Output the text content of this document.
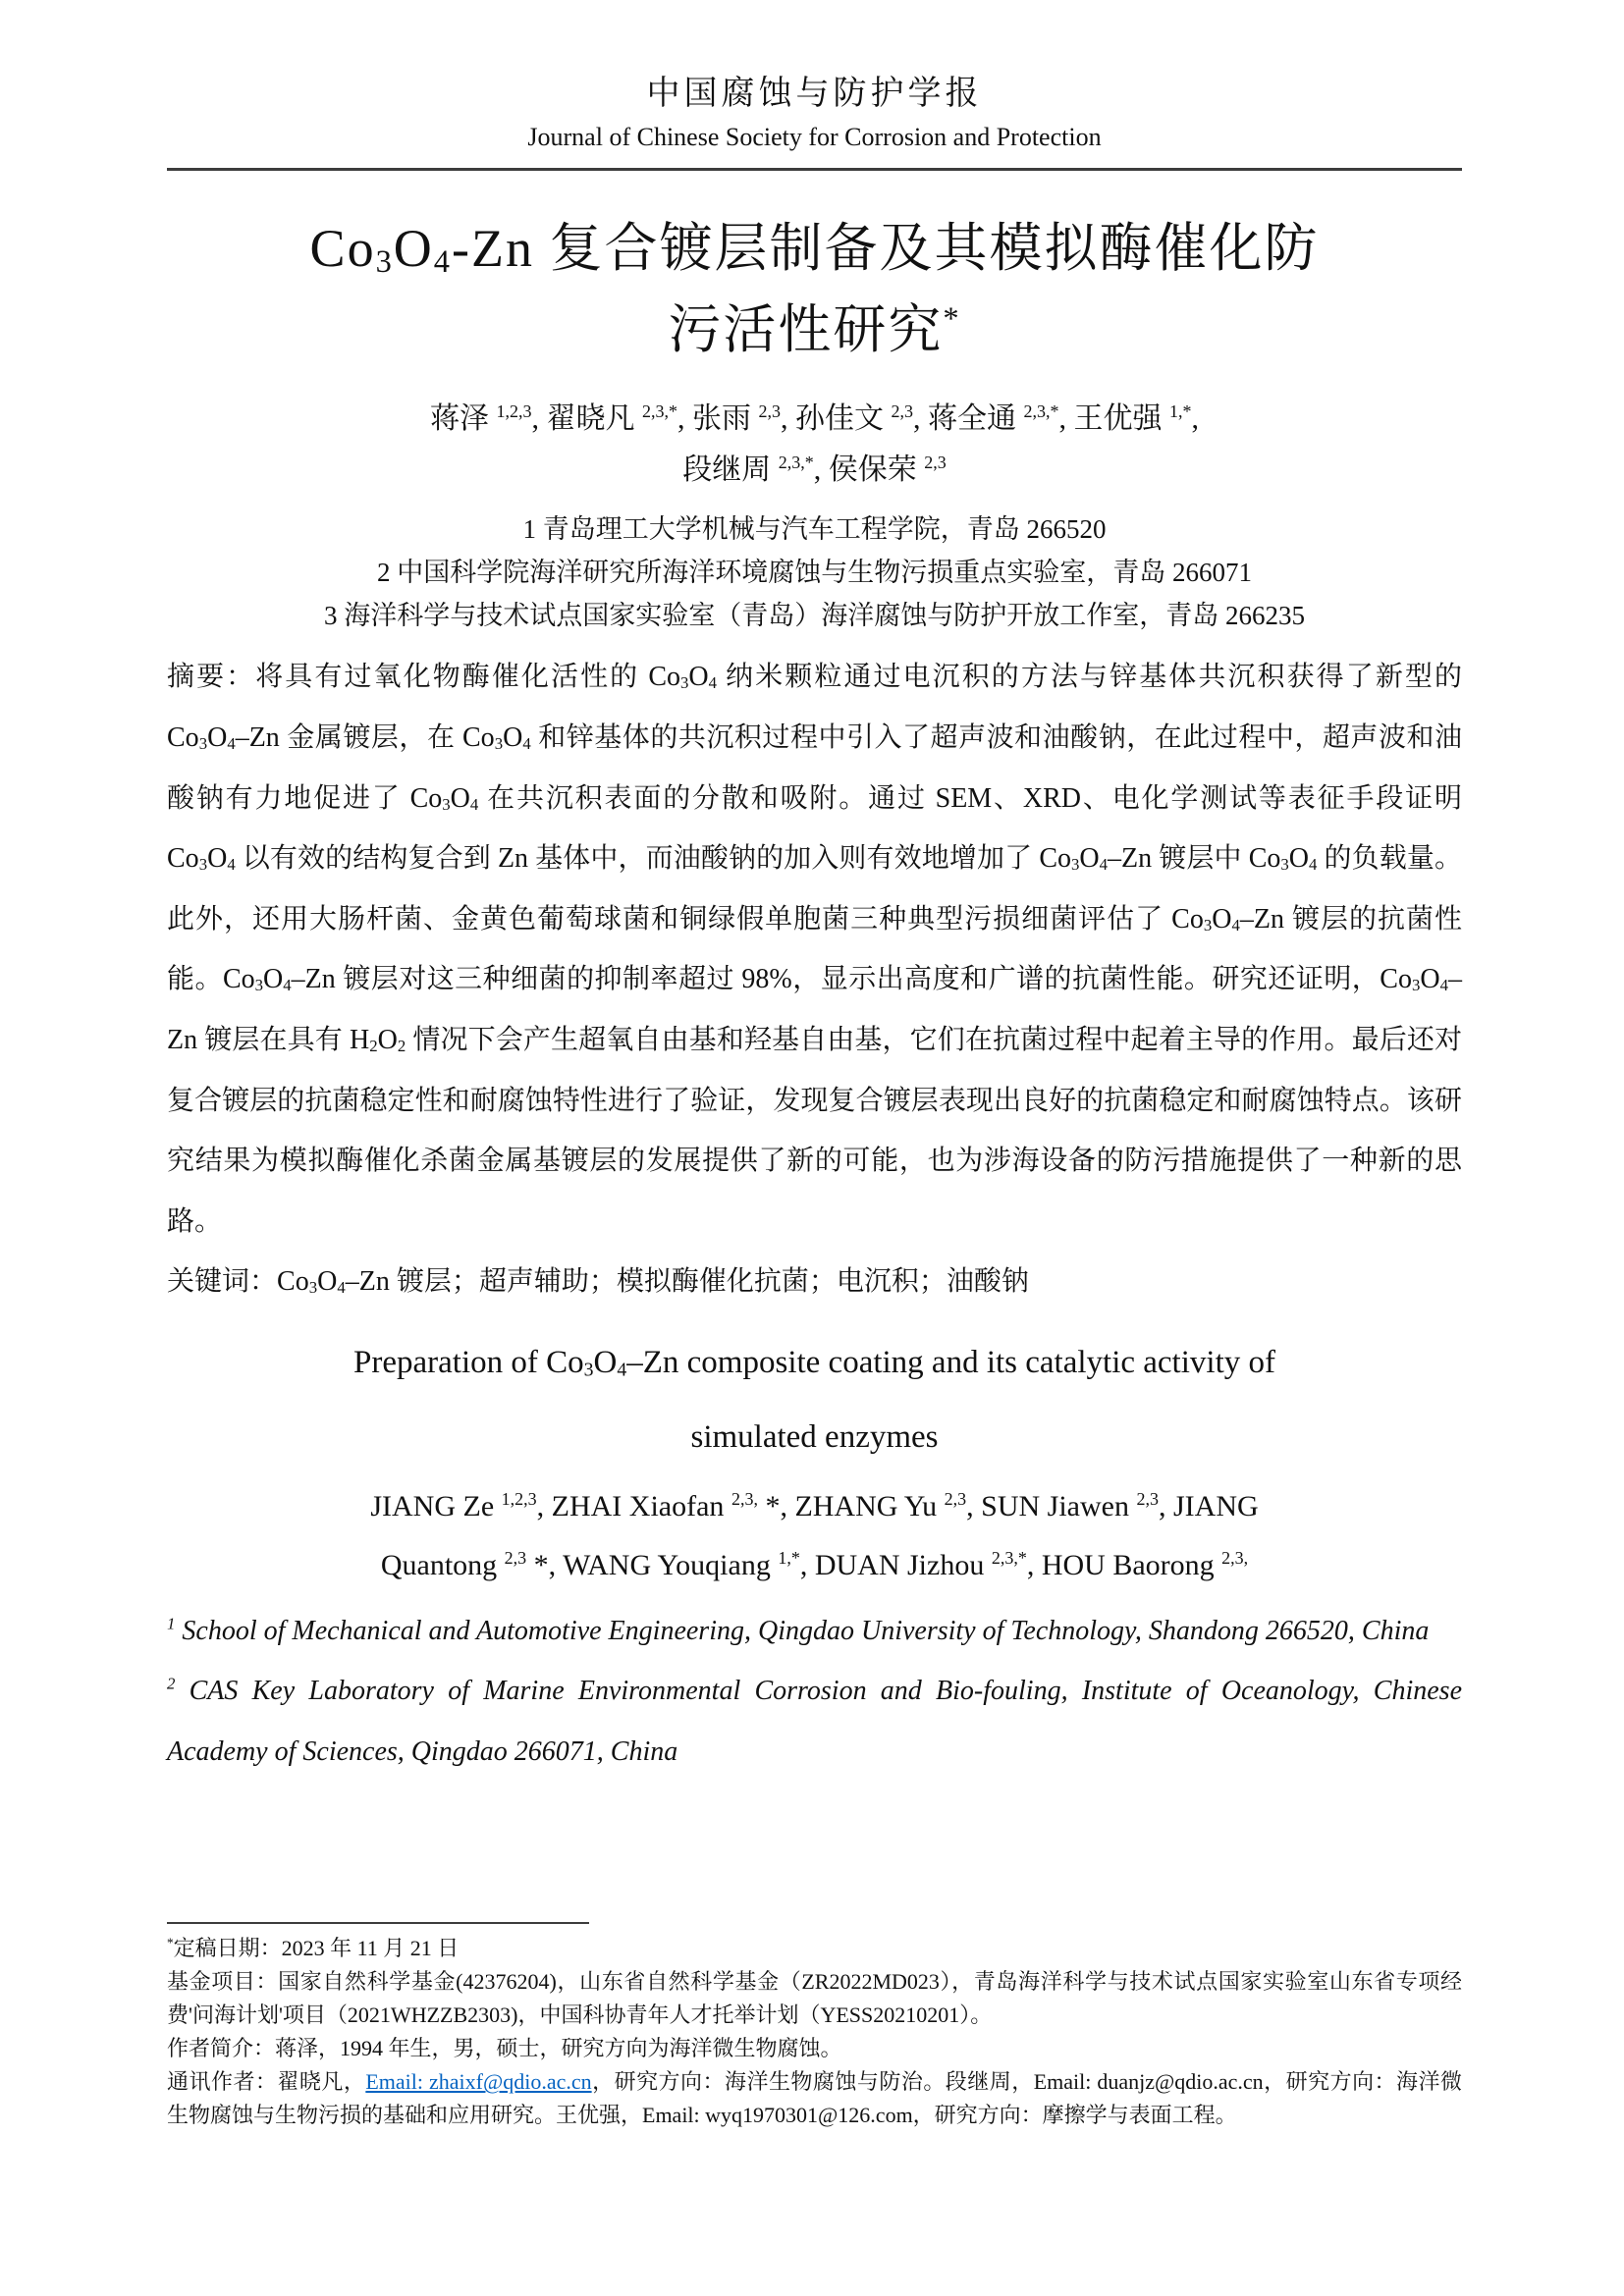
中国腐蚀与防护学报
Journal of Chinese Society for Corrosion and Protection
$Co_3O_4-Zn$ 复合镀层制备及其模拟酶催化防
污活性研究*
蒋泽 $^{1,2,3}$, 翟晓凡 $^{2,3,*}$, 张雨 $^{2,3}$, 孙佳文 $^{2,3}$, 蒋全通 $^{2,3,*}$, 王优强 $^{1,*}$,
段继周 $^{2,3,*}$, 侯保荣 $^{2,3}$
1 青岛理工大学机械与汽车工程学院，青岛 266520
2 中国科学院海洋研究所海洋环境腐蚀与生物污损重点实验室，青岛 266071
3 海洋科学与技术试点国家实验室（青岛）海洋腐蚀与防护开放工作室，青岛 266235

摘要：将具有过氧化物酶催化活性的 $Co_3O_4$ 纳米颗粒通过电沉积的方法与锌基体共沉积获得了新型的 $Co_3O_4-Zn$ 金属镀层，在 $Co_3O_4$ 和锌基体的共沉积过程中引入了超声波和油酸钠，在此过程中，超声波和油酸钠有力地促进了 $Co_3O_4$ 在共沉积表面的分散和吸附。通过 SEM、XRD、电化学测试等表征手段证明 $Co_3O_4$ 以有效的结构复合到 Zn 基体中，而油酸钠的加入则有效地增加了 $Co_3O_4-Zn$ 镀层中 $Co_3O_4$ 的负载量。此外，还用大肠杆菌、金黄色葡萄球菌和铜绿假单胞菌三种典型污损细菌评估了 $Co_3O_4-Zn$ 镀层的抗菌性能。$Co_3O_4-Zn$ 镀层对这三种细菌的抑制率超过 98%，显示出高度和广谱的抗菌性能。研究还证明，$Co_3O_4-Zn$ 镀层在具有 $H_2O_2$ 情况下会产生超氧自由基和羟基自由基，它们在抗菌过程中起着主导的作用。最后还对复合镀层的抗菌稳定性和耐腐蚀特性进行了验证，发现复合镀层表现出良好的抗菌稳定和耐腐蚀特点。该研究结果为模拟酶催化杀菌金属基镀层的发展提供了新的可能，也为涉海设备的防污措施提供了一种新的思路。

关键词：$Co_3O_4-Zn$ 镀层；超声辅助；模拟酶催化抗菌；电沉积；油酸钠

Preparation of $Co_3O_4-Zn$ composite coating and its catalytic activity of
simulated enzymes
JIANG Ze $^{1,2,3}$, ZHAI Xiaofan $^{2,3,}$ *, ZHANG Yu $^{2,3}$, SUN Jiawen $^{2,3}$, JIANG
Quantong $^{2,3}$ *, WANG Youqiang $^{1,*}$, DUAN Jizhou $^{2,3,*}$, HOU Baorong $^{2,3,}$

$^1$ School of Mechanical and Automotive Engineering, Qingdao University of Technology, Shandong 266520, China

$^2$ CAS Key Laboratory of Marine Environmental Corrosion and Bio-fouling, Institute of Oceanology, Chinese Academy of Sciences, Qingdao 266071, China

*定稿日期：2023 年 11 月 21 日

基金项目：国家自然科学基金(42376204)，山东省自然科学基金（ZR2022MD023），青岛海洋科学与技术试点国家实验室山东省专项经费'问海计划'项目（2021WHZZB2303)，中国科协青年人才托举计划（YESS20210201）。

作者简介：蒋泽，1994 年生，男，硕士，研究方向为海洋微生物腐蚀。

通讯作者：翟晓凡，Email: zhaixf@qdio.ac.cn，研究方向：海洋生物腐蚀与防治。段继周，Email: duanjz@qdio.ac.cn，研究方向：海洋微生物腐蚀与生物污损的基础和应用研究。王优强，Email: wyq1970301@126.com，研究方向：摩擦学与表面工程。
